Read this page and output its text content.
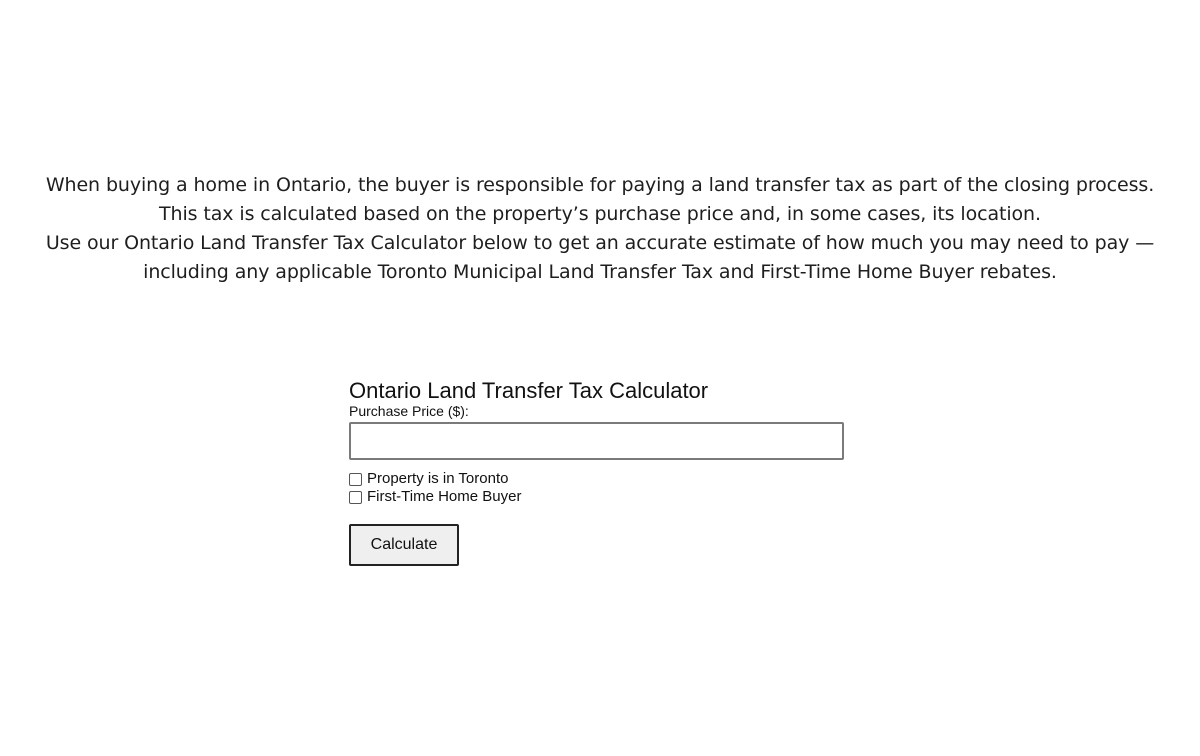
When buying a home in Ontario, the buyer is responsible for paying a land transfer tax as part of the closing process. This tax is calculated based on the property’s purchase price and, in some cases, its location.

Use our Ontario Land Transfer Tax Calculator below to get an accurate estimate of how much you may need to pay — including any applicable Toronto Municipal Land Transfer Tax and First-Time Home Buyer rebates.

Ontario Land Transfer Tax Calculator
Purchase Price ($):
Property is in Toronto
First-Time Home Buyer
Calculate
